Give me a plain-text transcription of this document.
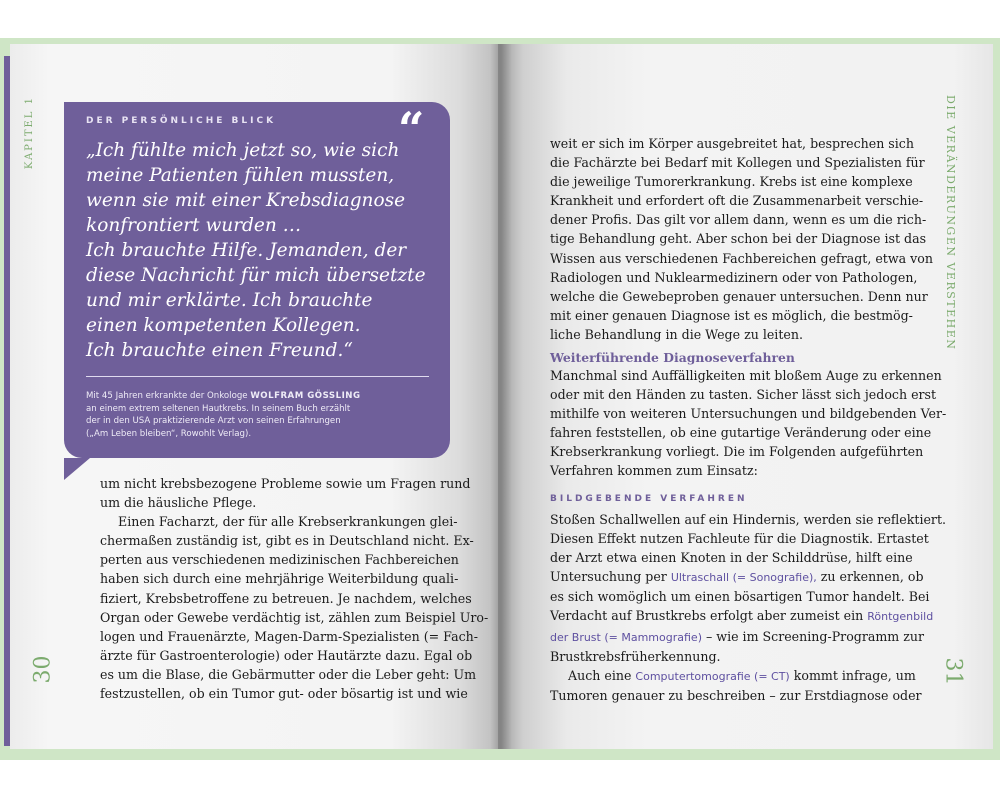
KAPITEL 1
30
DER PERSÖNLICHE BLICK	“
„Ich fühlte mich jetzt so, wie sich
meine Patienten fühlen mussten,
wenn sie mit einer Krebsdiagnose
konfrontiert wurden …
Ich brauchte Hilfe. Jemanden, der
diese Nachricht für mich übersetzte
und mir erklärte. Ich brauchte
einen kompetenten Kollegen.
Ich brauchte einen Freund.“
Mit 45 Jahren erkrankte der Onkologe WOLFRAM GÖSSLING
an einem extrem seltenen Hautkrebs. In seinem Buch erzählt
der in den USA praktizierende Arzt von seinen Erfahrungen
(„Am Leben bleiben“, Rowohlt Verlag).
um nicht krebsbezogene Probleme sowie um Fragen rund
um die häusliche Pflege.
Einen Facharzt, der für alle Krebserkrankungen glei-
chermaßen zuständig ist, gibt es in Deutschland nicht. Ex-
perten aus verschiedenen medizinischen Fachbereichen
haben sich durch eine mehrjährige Weiterbildung quali-
fiziert, Krebsbetroffene zu betreuen. Je nachdem, welches
Organ oder Gewebe verdächtig ist, zählen zum Beispiel Uro-
logen und Frauenärzte, Magen-Darm-Spezialisten (= Fach-
ärzte für Gastroenterologie) oder Hautärzte dazu. Egal ob
es um die Blase, die Gebärmutter oder die Leber geht: Um
festzustellen, ob ein Tumor gut- oder bösartig ist und wie
DIE VERÄNDERUNGEN VERSTEHEN
31
weit er sich im Körper ausgebreitet hat, besprechen sich
die Fachärzte bei Bedarf mit Kollegen und Spezialisten für
die jeweilige Tumorerkrankung. Krebs ist eine komplexe
Krankheit und erfordert oft die Zusammenarbeit verschie-
dener Profis. Das gilt vor allem dann, wenn es um die rich-
tige Behandlung geht. Aber schon bei der Diagnose ist das
Wissen aus verschiedenen Fachbereichen gefragt, etwa von
Radiologen und Nuklearmedizinern oder von Pathologen,
welche die Gewebeproben genauer untersuchen. Denn nur
mit einer genauen Diagnose ist es möglich, die bestmög-
liche Behandlung in die Wege zu leiten.
Weiterführende Diagnoseverfahren
Manchmal sind Auffälligkeiten mit bloßem Auge zu erkennen
oder mit den Händen zu tasten. Sicher lässt sich jedoch erst
mithilfe von weiteren Untersuchungen und bildgebenden Ver-
fahren feststellen, ob eine gutartige Veränderung oder eine
Krebserkrankung vorliegt. Die im Folgenden aufgeführten
Verfahren kommen zum Einsatz:
BILDGEBENDE VERFAHREN
Stoßen Schallwellen auf ein Hindernis, werden sie reflektiert.
Diesen Effekt nutzen Fachleute für die Diagnostik. Ertastet
der Arzt etwa einen Knoten in der Schilddrüse, hilft eine
Untersuchung per Ultraschall (= Sonografie), zu erkennen, ob
es sich womöglich um einen bösartigen Tumor handelt. Bei
Verdacht auf Brustkrebs erfolgt aber zumeist ein Röntgenbild
der Brust (= Mammografie) – wie im Screening-Programm zur
Brustkrebsfrüherkennung.
Auch eine Computertomografie (= CT) kommt infrage, um
Tumoren genauer zu beschreiben – zur Erstdiagnose oder
